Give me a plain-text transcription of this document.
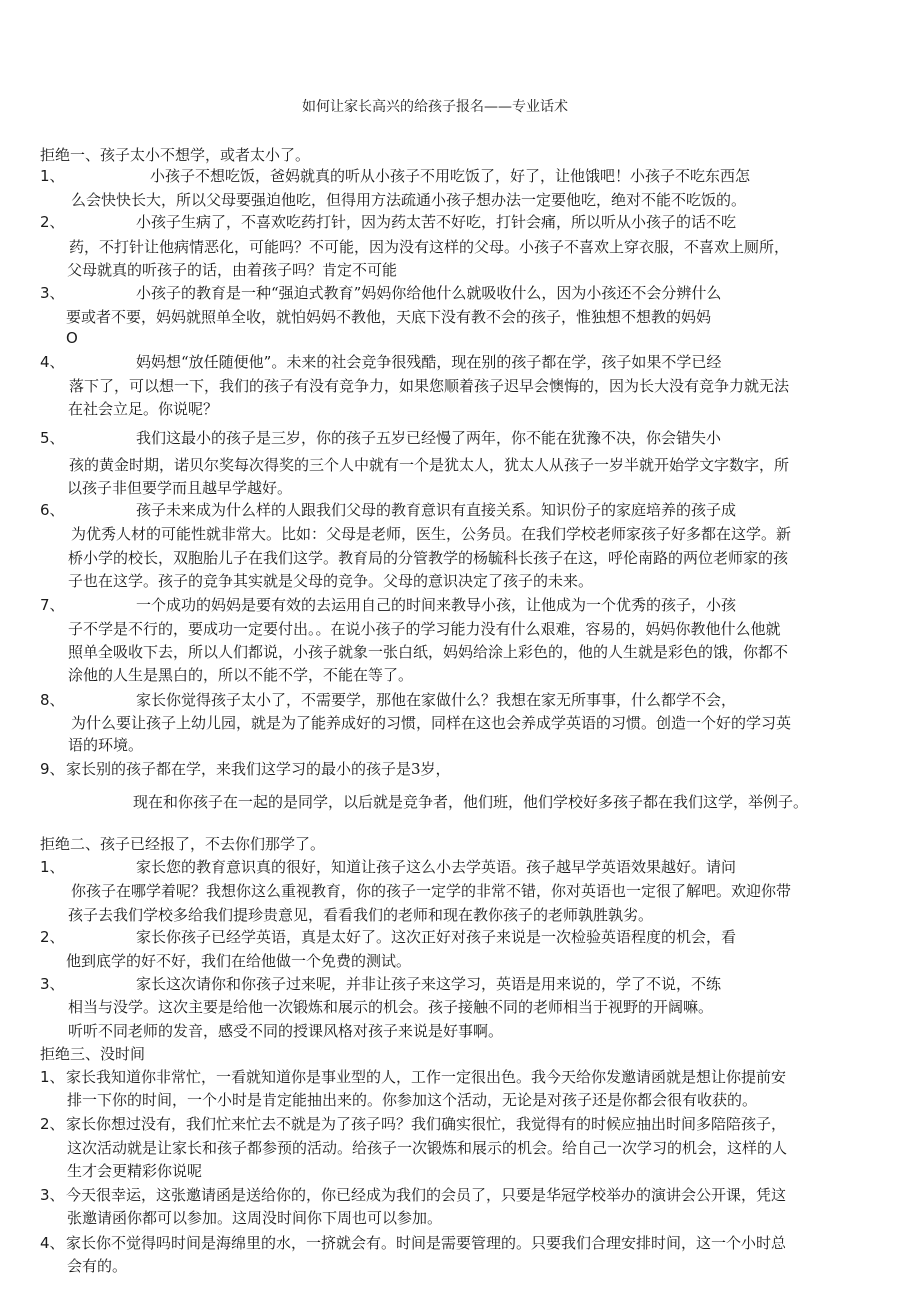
如何让家长高兴的给孩子报名——专业话术
拒绝一、孩子太小不想学，或者太小了。
1、	小孩子不想吃饭，爸妈就真的听从小孩子不用吃饭了，好了，让他饿吧！小孩子不吃东西怎
么会快快长大，所以父母要强迫他吃，但得用方法疏通小孩子想办法一定要他吃，绝对不能不吃饭的。
2、	小孩子生病了，不喜欢吃药打针，因为药太苦不好吃，打针会痛，所以听从小孩子的话不吃
药，不打针让他病情恶化，可能吗？不可能，因为没有这样的父母。小孩子不喜欢上穿衣服，不喜欢上厕所，
父母就真的听孩子的话，由着孩子吗？肯定不可能
3、	小孩子的教育是一种“强迫式教育”妈妈你给他什么就吸收什么，因为小孩还不会分辨什么
要或者不要，妈妈就照单全收，就怕妈妈不教他，天底下没有教不会的孩子，惟独想不想教的妈妈
O
4、	妈妈想“放任随便他”。未来的社会竞争很残酷，现在别的孩子都在学，孩子如果不学已经
落下了，可以想一下，我们的孩子有没有竞争力，如果您顺着孩子迟早会懊悔的，因为长大没有竞争力就无法
在社会立足。你说呢？
5、	我们这最小的孩子是三岁，你的孩子五岁已经慢了两年，你不能在犹豫不决，你会错失小
孩的黄金时期，诺贝尔奖每次得奖的三个人中就有一个是犹太人，犹太人从孩子一岁半就开始学文字数字，所
以孩子非但要学而且越早学越好。
6、	孩子未来成为什么样的人跟我们父母的教育意识有直接关系。知识份子的家庭培养的孩子成
为优秀人材的可能性就非常大。比如：父母是老师，医生，公务员。在我们学校老师家孩子好多都在这学。新
桥小学的校长，双胞胎儿子在我们这学。教育局的分管教学的杨毓科长孩子在这，呼伦南路的两位老师家的孩
子也在这学。孩子的竞争其实就是父母的竞争。父母的意识决定了孩子的未来。
7、	一个成功的妈妈是要有效的去运用自己的时间来教导小孩，让他成为一个优秀的孩子，小孩
子不学是不行的，要成功一定要付出。。在说小孩子的学习能力没有什么艰难，容易的，妈妈你教他什么他就
照单全吸收下去，所以人们都说，小孩子就象一张白纸，妈妈给涂上彩色的，他的人生就是彩色的饿，你都不
涂他的人生是黑白的，所以不能不学，不能在等了。
8、	家长你觉得孩子太小了，不需要学，那他在家做什么？我想在家无所事事，什么都学不会，
为什么要让孩子上幼儿园，就是为了能养成好的习惯，同样在这也会养成学英语的习惯。创造一个好的学习英
语的环境。
9、 家长别的孩子都在学，来我们这学习的最小的孩子是3岁，
现在和你孩子在一起的是同学，以后就是竞争者，他们班，他们学校好多孩子都在我们这学，举例子。
拒绝二、孩子已经报了，不去你们那学了。
1、	家长您的教育意识真的很好，知道让孩子这么小去学英语。孩子越早学英语效果越好。请问
你孩子在哪学着呢？我想你这么重视教育，你的孩子一定学的非常不错，你对英语也一定很了解吧。欢迎你带
孩子去我们学校多给我们提珍贵意见，看看我们的老师和现在教你孩子的老师孰胜孰劣。
2、	家长你孩子已经学英语，真是太好了。这次正好对孩子来说是一次检验英语程度的机会，看
他到底学的好不好，我们在给他做一个免费的测试。
3、	家长这次请你和你孩子过来呢，并非让孩子来这学习，英语是用来说的，学了不说，不练
相当与没学。这次主要是给他一次锻炼和展示的机会。孩子接触不同的老师相当于视野的开阔嘛。
听听不同老师的发音，感受不同的授课风格对孩子来说是好事啊。
拒绝三、没时间
1、 家长我知道你非常忙，一看就知道你是事业型的人，工作一定很出色。我今天给你发邀请函就是想让你提前安
排一下你的时间，一个小时是肯定能抽出来的。你参加这个活动，无论是对孩子还是你都会很有收获的。
2、 家长你想过没有，我们忙来忙去不就是为了孩子吗？我们确实很忙，我觉得有的时候应抽出时间多陪陪孩子，
这次活动就是让家长和孩子都参预的活动。给孩子一次锻炼和展示的机会。给自己一次学习的机会，这样的人
生才会更精彩你说呢
3、 今天很幸运，这张邀请函是送给你的，你已经成为我们的会员了，只要是华冠学校举办的演讲会公开课，凭这
张邀请函你都可以参加。这周没时间你下周也可以参加。
4、 家长你不觉得吗时间是海绵里的水，一挤就会有。时间是需要管理的。只要我们合理安排时间，这一个小时总
会有的。
